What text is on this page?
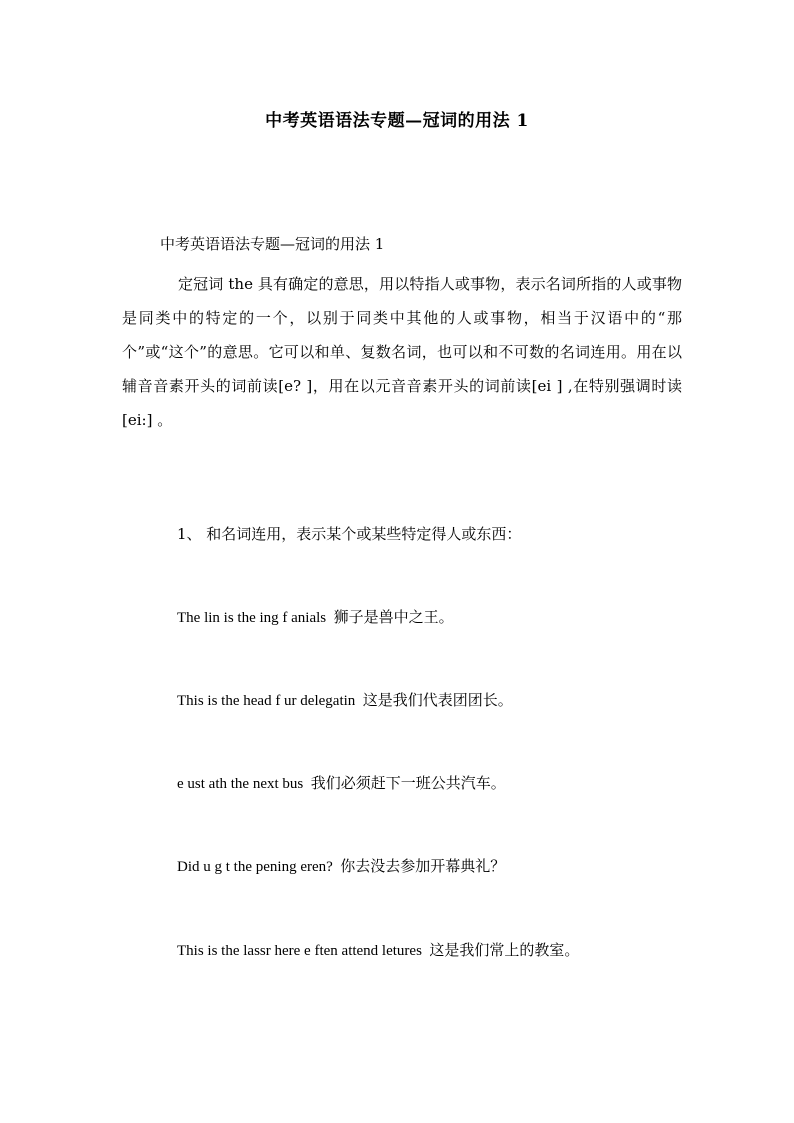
中考英语语法专题—冠词的用法 1
中考英语语法专题—冠词的用法 1

定冠词 the 具有确定的意思，用以特指人或事物，表示名词所指的人或事物是同类中的特定的一个，以别于同类中其他的人或事物，相当于汉语中的“那个”或“这个”的意思。它可以和单、复数名词，也可以和不可数的名词连用。用在以辅音音素开头的词前读[e? ]，用在以元音音素开头的词前读[ei ] ,在特别强调时读[ei:] 。

1、 和名词连用，表示某个或某些特定得人或东西：
The lin is the ing f anials 狮子是兽中之王。
This is the head f ur delegatin 这是我们代表团团长。
e ust ath the next bus 我们必须赶下一班公共汽车。
Did u g t the pening eren? 你去没去参加开幕典礼？
This is the lassr here e ften attend letures 这是我们常上的教室。
